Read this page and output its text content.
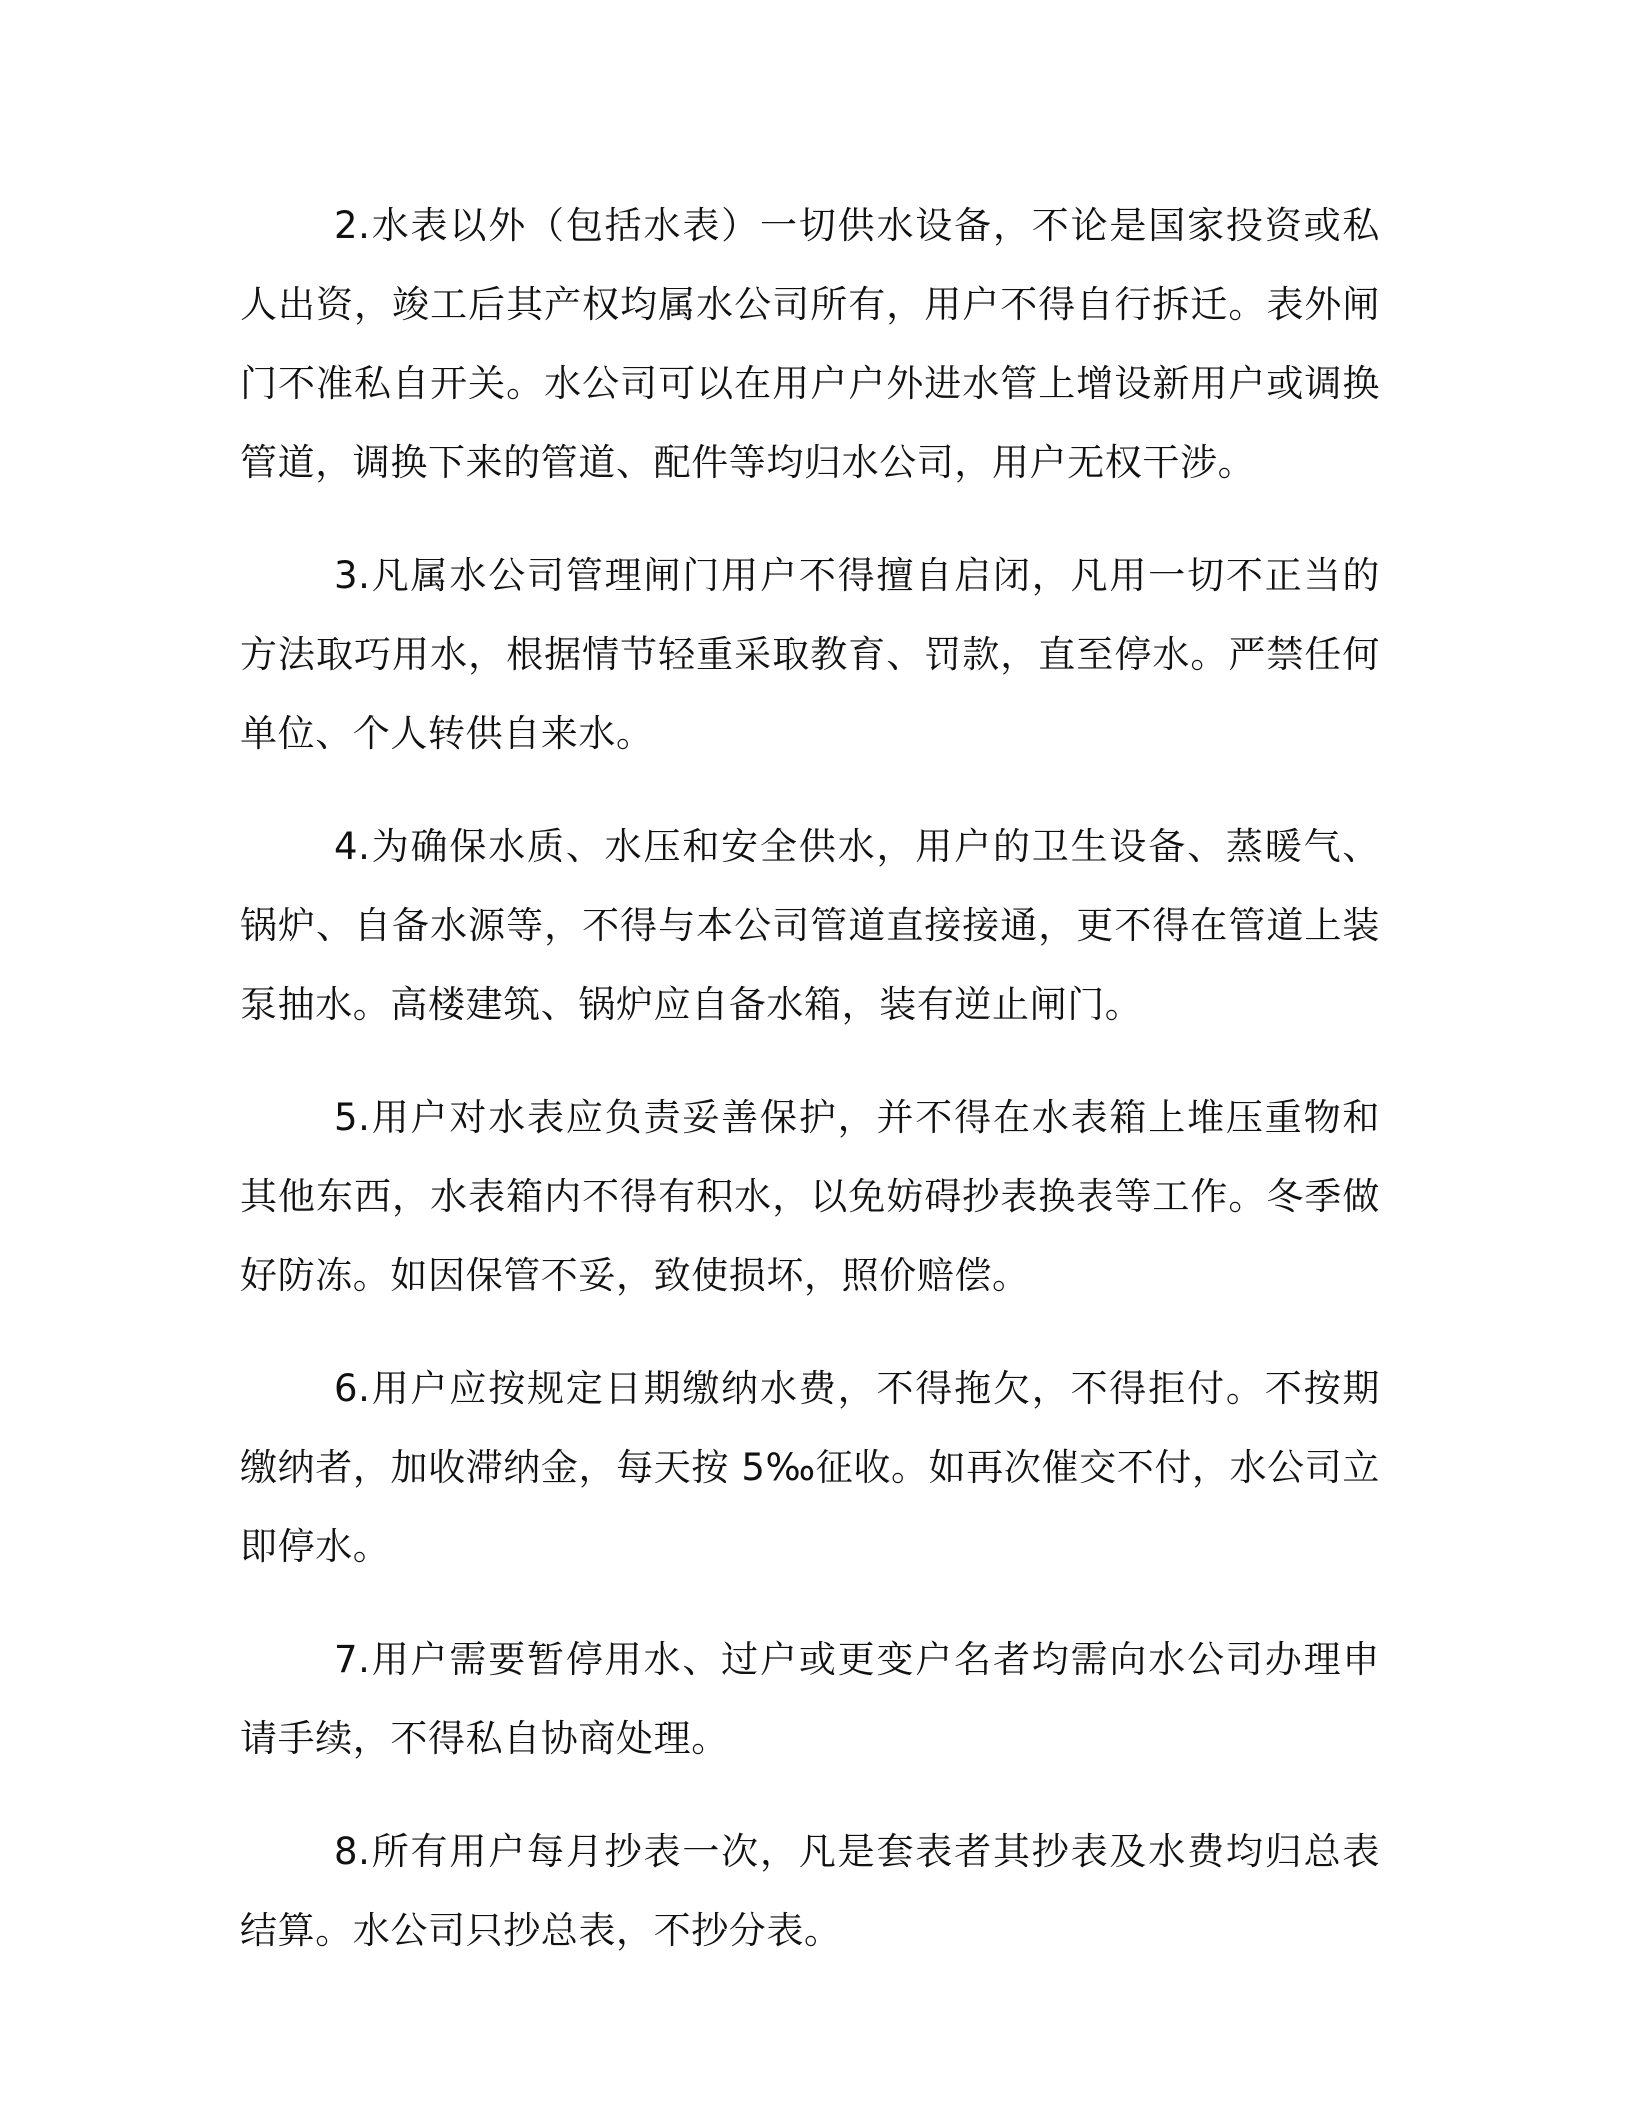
2.水表以外（包括水表）一切供水设备，不论是国家投资或私人出资，竣工后其产权均属水公司所有，用户不得自行拆迁。表外闸门不准私自开关。水公司可以在用户户外进水管上增设新用户或调换管道，调换下来的管道、配件等均归水公司，用户无权干涉。

3.凡属水公司管理闸门用户不得擅自启闭，凡用一切不正当的方法取巧用水，根据情节轻重采取教育、罚款，直至停水。严禁任何单位、个人转供自来水。

4.为确保水质、水压和安全供水，用户的卫生设备、蒸暖气、锅炉、自备水源等，不得与本公司管道直接接通，更不得在管道上装泵抽水。高楼建筑、锅炉应自备水箱，装有逆止闸门。

5.用户对水表应负责妥善保护，并不得在水表箱上堆压重物和其他东西，水表箱内不得有积水，以免妨碍抄表换表等工作。冬季做好防冻。如因保管不妥，致使损坏，照价赔偿。

6.用户应按规定日期缴纳水费，不得拖欠，不得拒付。不按期缴纳者，加收滞纳金，每天按 5‰征收。如再次催交不付，水公司立即停水。

7.用户需要暂停用水、过户或更变户名者均需向水公司办理申请手续，不得私自协商处理。

8.所有用户每月抄表一次，凡是套表者其抄表及水费均归总表结算。水公司只抄总表，不抄分表。
